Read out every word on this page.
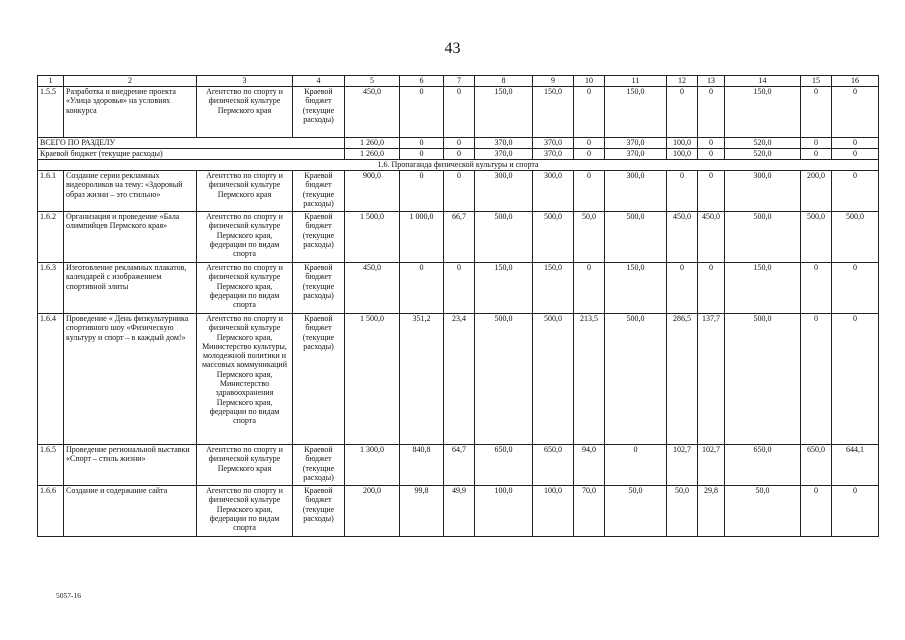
43
1	2	3	4	5	6	7	8	9	10	11	12	13	14	15	16
1.5.5	Разработка и внедрение проекта «Улица здоровья» на условиях конкурса	Агентство по спорту и физической культуре Пермского края	Краевой бюджет (текущие расходы)	450,0	0	0	150,0	150,0	0	150,0	0	0	150,0	0	0
ВСЕГО ПО РАЗДЕЛУ				1 260,0	0	0	370,0	370,0	0	370,0	100,0	0	520,0	0	0
Краевой бюджет (текущие расходы)				1 260,0	0	0	370,0	370,0	0	370,0	100,0	0	520,0	0	0
1.6. Пропаганда физической культуры и спорта															
1.6.1	Создание серии рекламных видеороликов на тему: «Здоровый образ жизни – это стильно»	Агентство по спорту и физической культуре Пермского края	Краевой бюджет (текущие расходы)	900,0	0	0	300,0	300,0	0	300,0	0	0	300,0	200,0	0
1.6.2	Организация и проведение «Бала олимпийцев Пермского края»	Агентство по спорту и физической культуре Пермского края, федерации по видам спорта	Краевой бюджет (текущие расходы)	1 500,0	1 000,0	66,7	500,0	500,0	50,0	500,0	450,0	450,0	500,0	500,0	500,0
1.6.3	Изготовление рекламных плакатов, календарей с изображением спортивной элиты	Агентство по спорту и физической культуре Пермского края, федерации по видам спорта	Краевой бюджет (текущие расходы)	450,0	0	0	150,0	150,0	0	150,0	0	0	150,0	0	0
1.6.4	Проведение « День физкультурника спортивного шоу «Физическую культуру и спорт – в каждый дом!»	Агентство по спорту и физической культуре Пермского края, Министерство культуры, молодежной политики и массовых коммуникаций Пермского края, Министерство здравоохранения Пермского края, федерации по видам спорта	Краевой бюджет (текущие расходы)	1 500,0	351,2	23,4	500,0	500,0	213,5	500,0	286,5	137,7	500,0	0	0
1.6.5	Проведение региональной выставки «Спорт – стиль жизни»	Агентство по спорту и физической культуре Пермского края	Краевой бюджет (текущие расходы)	1 300,0	840,8	64,7	650,0	650,0	94,0	0	102,7	102,7	650,0	650,0	644,1
1.6.6	Создание и содержание сайта	Агентство по спорту и физической культуре Пермского края, федерации по видам спорта	Краевой бюджет (текущие расходы)	200,0	99,8	49,9	100,0	100,0	70,0	50,0	50,0	29,8	50,0	0	0
5057-16
